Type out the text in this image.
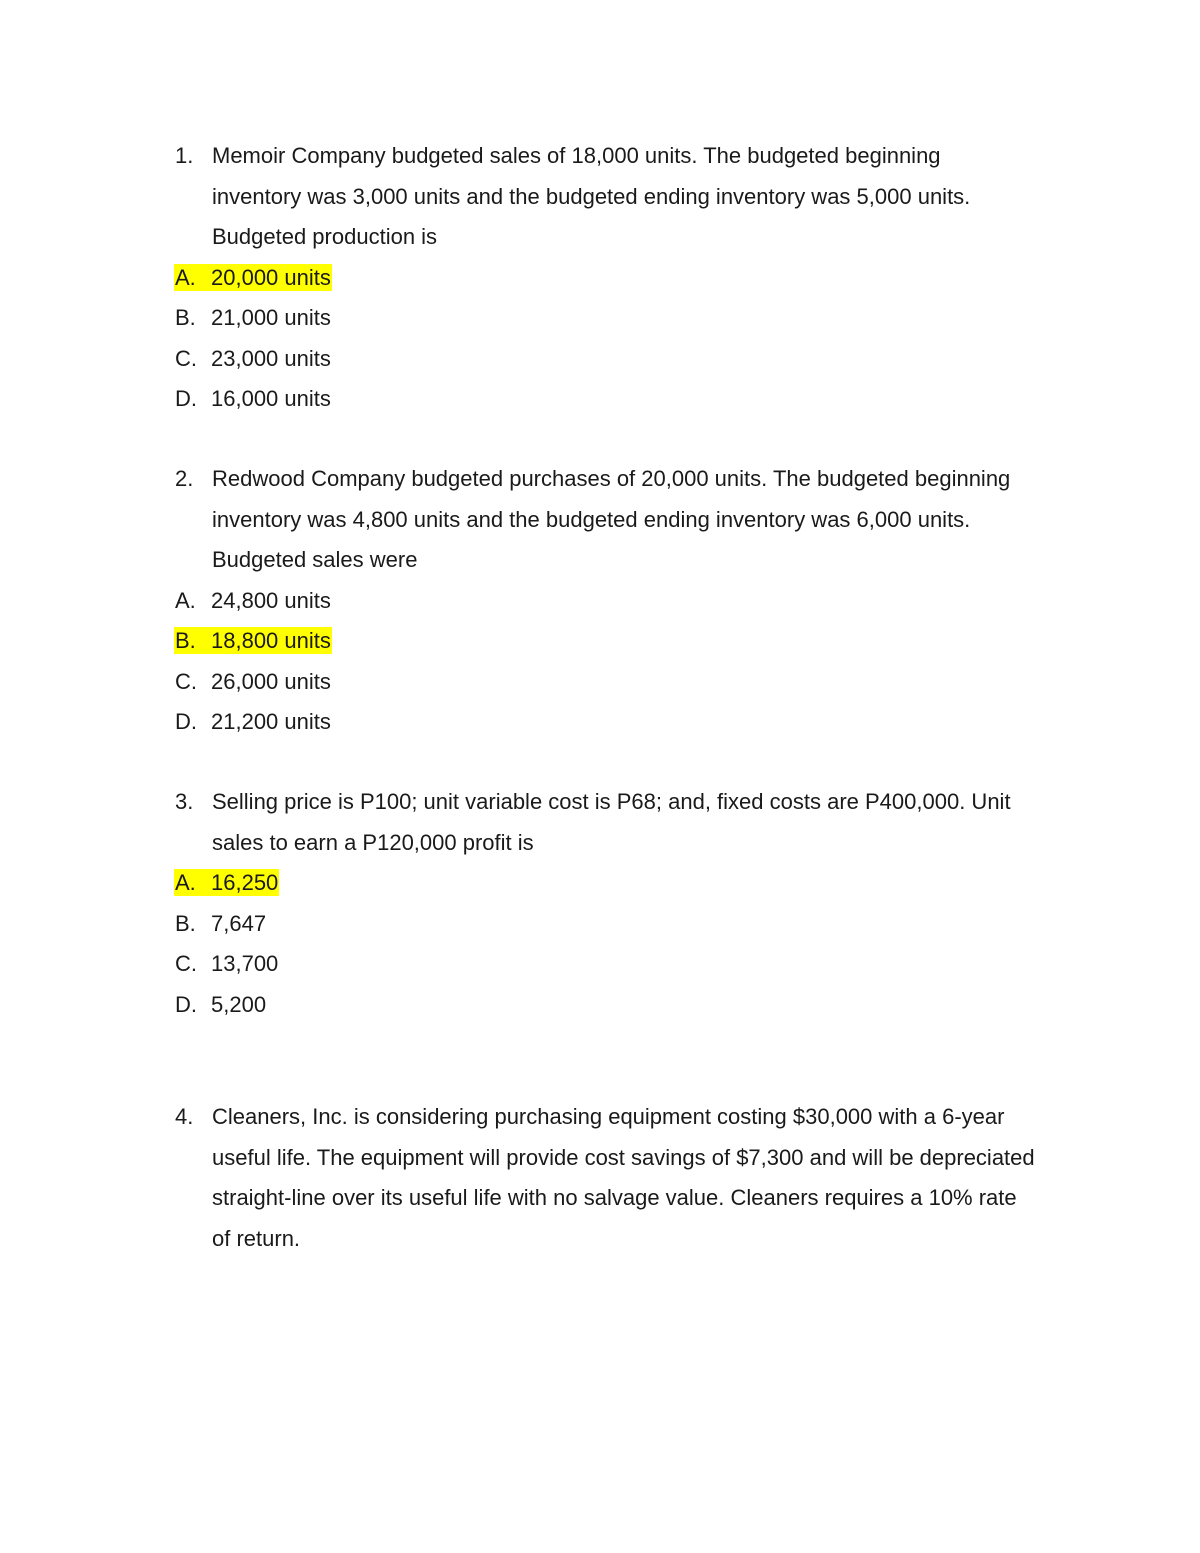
1. Memoir Company budgeted sales of 18,000 units. The budgeted beginning inventory was 3,000 units and the budgeted ending inventory was 5,000 units. Budgeted production is
A. 20,000 units
B. 21,000 units
C. 23,000 units
D. 16,000 units
2. Redwood Company budgeted purchases of 20,000 units. The budgeted beginning inventory was 4,800 units and the budgeted ending inventory was 6,000 units. Budgeted sales were
A. 24,800 units
B. 18,800 units
C. 26,000 units
D. 21,200 units
3. Selling price is P100; unit variable cost is P68; and, fixed costs are P400,000. Unit sales to earn a P120,000 profit is
A. 16,250
B. 7,647
C. 13,700
D. 5,200
4. Cleaners, Inc. is considering purchasing equipment costing $30,000 with a 6-year useful life. The equipment will provide cost savings of $7,300 and will be depreciated straight-line over its useful life with no salvage value. Cleaners requires a 10% rate of return.
